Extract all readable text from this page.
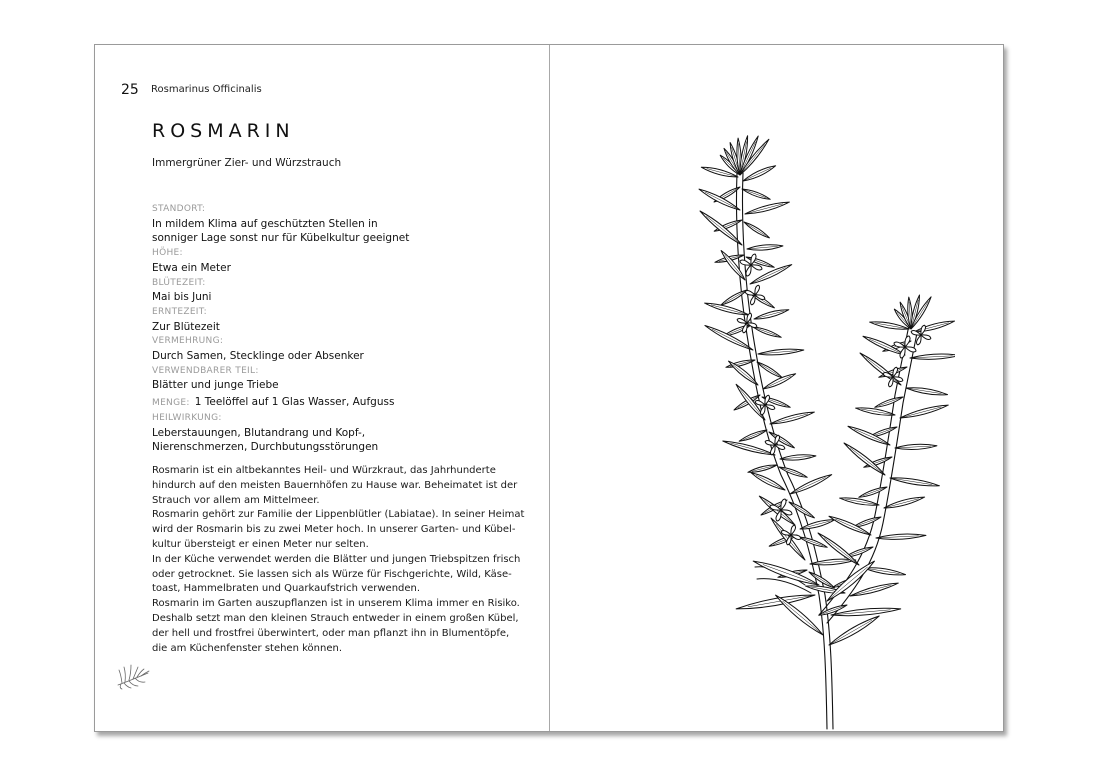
25 Rosmarinus Officinalis
ROSMARIN
Immergrüner Zier- und Würzstrauch
STANDORT:
In mildem Klima auf geschützten Stellen in
sonniger Lage sonst nur für Kübelkultur geeignet
HÖHE:
Etwa ein Meter
BLÜTEZEIT:
Mai bis Juni
ERNTEZEIT:
Zur Blütezeit
VERMEHRUNG:
Durch Samen, Stecklinge oder Absenker
VERWENDBARER TEIL:
Blätter und junge Triebe
MENGE: 1 Teelöffel auf 1 Glas Wasser, Aufguss
HEILWIRKUNG:
Leberstauungen, Blutandrang und Kopf-,
Nierenschmerzen, Durchbutungsstörungen
Rosmarin ist ein altbekanntes Heil- und Würzkraut, das Jahrhunderte
hindurch auf den meisten Bauernhöfen zu Hause war. Beheimatet ist der
Strauch vor allem am Mittelmeer.
Rosmarin gehört zur Familie der Lippenblütler (Labiatae). In seiner Heimat
wird der Rosmarin bis zu zwei Meter hoch. In unserer Garten- und Kübel-
kultur übersteigt er einen Meter nur selten.
In der Küche verwendet werden die Blätter und jungen Triebspitzen frisch
oder getrocknet. Sie lassen sich als Würze für Fischgerichte, Wild, Käse-
toast, Hammelbraten und Quarkaufstrich verwenden.
Rosmarin im Garten auszupflanzen ist in unserem Klima immer en Risiko.
Deshalb setzt man den kleinen Strauch entweder in einem großen Kübel,
der hell und frostfrei überwintert, oder man pflanzt ihn in Blumentöpfe,
die am Küchenfenster stehen können.
